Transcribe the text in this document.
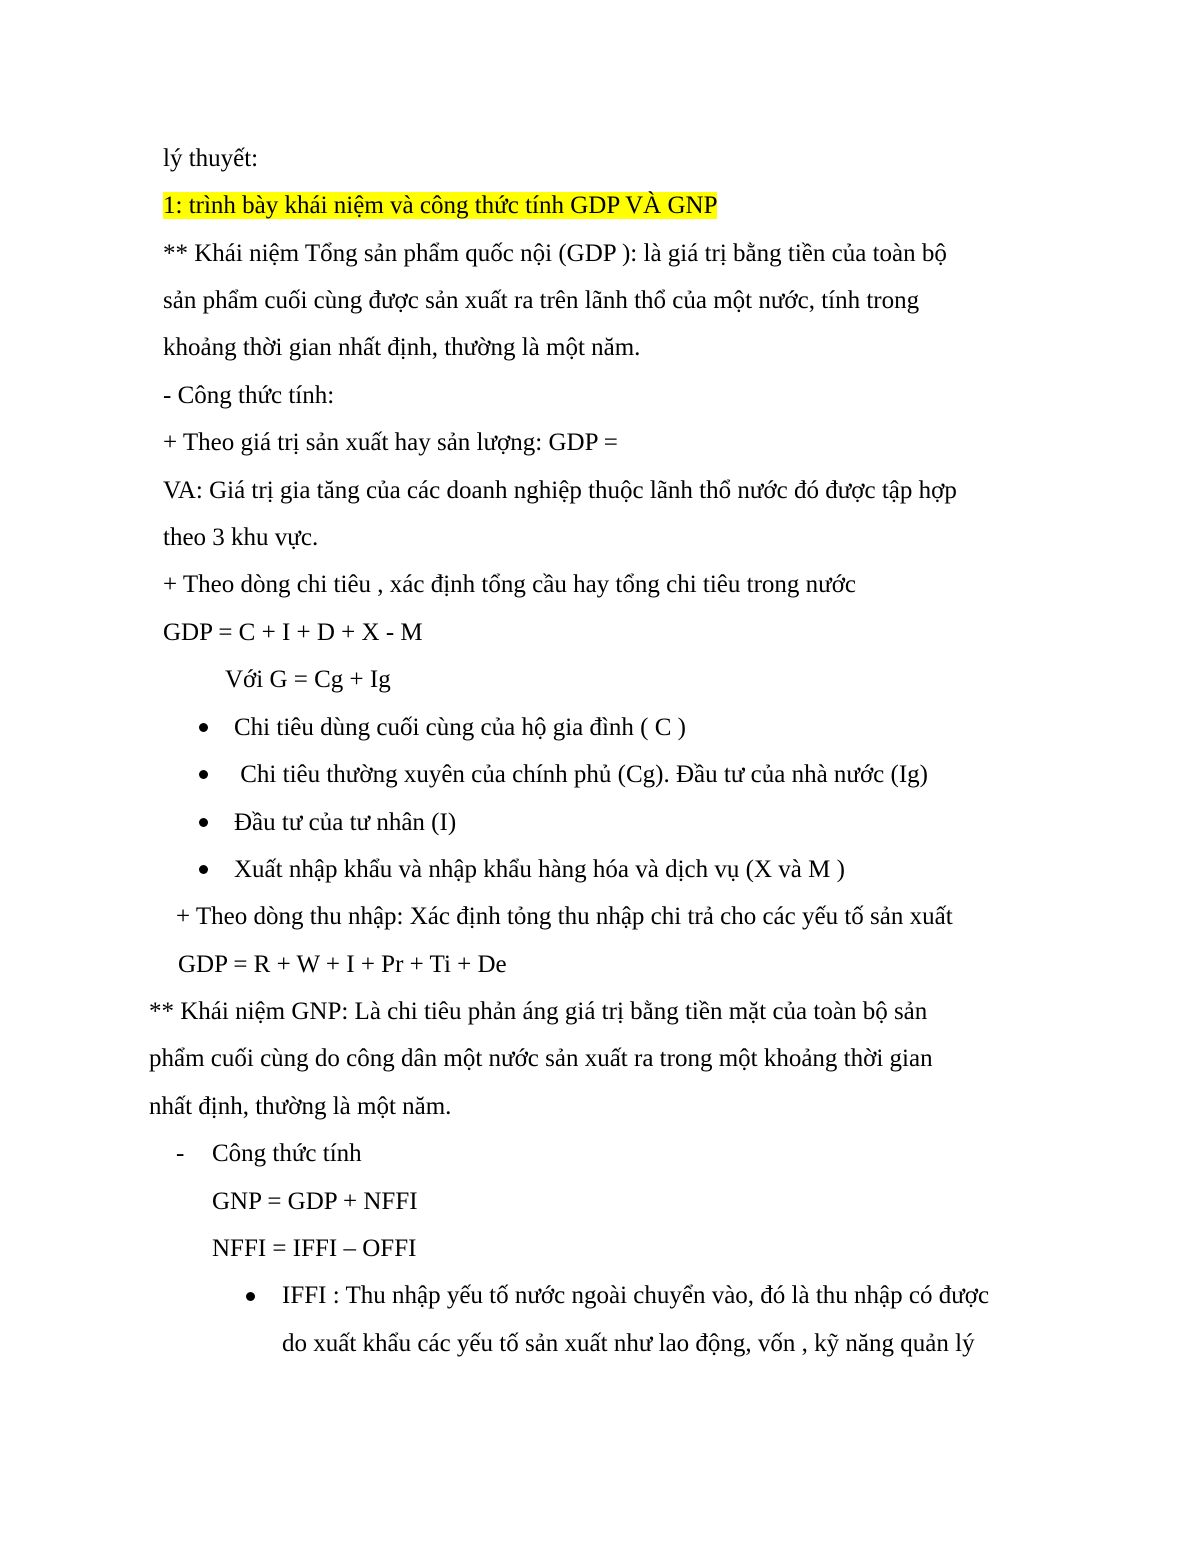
lý thuyết:
1: trình bày khái niệm và công thức tính GDP VÀ GNP
** Khái niệm Tổng sản phẩm quốc nội (GDP ): là giá trị bằng tiền của toàn bộ
sản phẩm cuối cùng được sản xuất ra trên lãnh thổ của một nước, tính trong
khoảng thời gian nhất định, thường là một năm.
- Công thức tính:
+ Theo giá trị sản xuất hay sản lượng: GDP =
VA: Giá trị gia tăng của các doanh nghiệp thuộc lãnh thổ nước đó được tập hợp
theo 3 khu vực.
+ Theo dòng chi tiêu , xác định tổng cầu hay tổng chi tiêu trong nước
GDP = C + I + D + X - M
Với G = Cg + Ig
Chi tiêu dùng cuối cùng của hộ gia đình ( C )
Chi tiêu thường xuyên của chính phủ (Cg). Đầu tư của nhà nước (Ig)
Đầu tư của tư nhân (I)
Xuất nhập khẩu và nhập khẩu hàng hóa và dịch vụ (X và M )
+ Theo dòng thu nhập: Xác định tỏng thu nhập chi trả cho các yếu tố sản xuất
GDP = R + W + I + Pr + Ti + De
** Khái niệm GNP: Là chi tiêu phản áng giá trị bằng tiền mặt của toàn bộ sản
phẩm cuối cùng do công dân một nước sản xuất ra trong một khoảng thời gian
nhất định, thường là một năm.
- Công thức tính
GNP = GDP + NFFI
NFFI = IFFI – OFFI
IFFI : Thu nhập yếu tố nước ngoài chuyển vào, đó là thu nhập có được
do xuất khẩu các yếu tố sản xuất như lao động, vốn , kỹ năng quản lý
